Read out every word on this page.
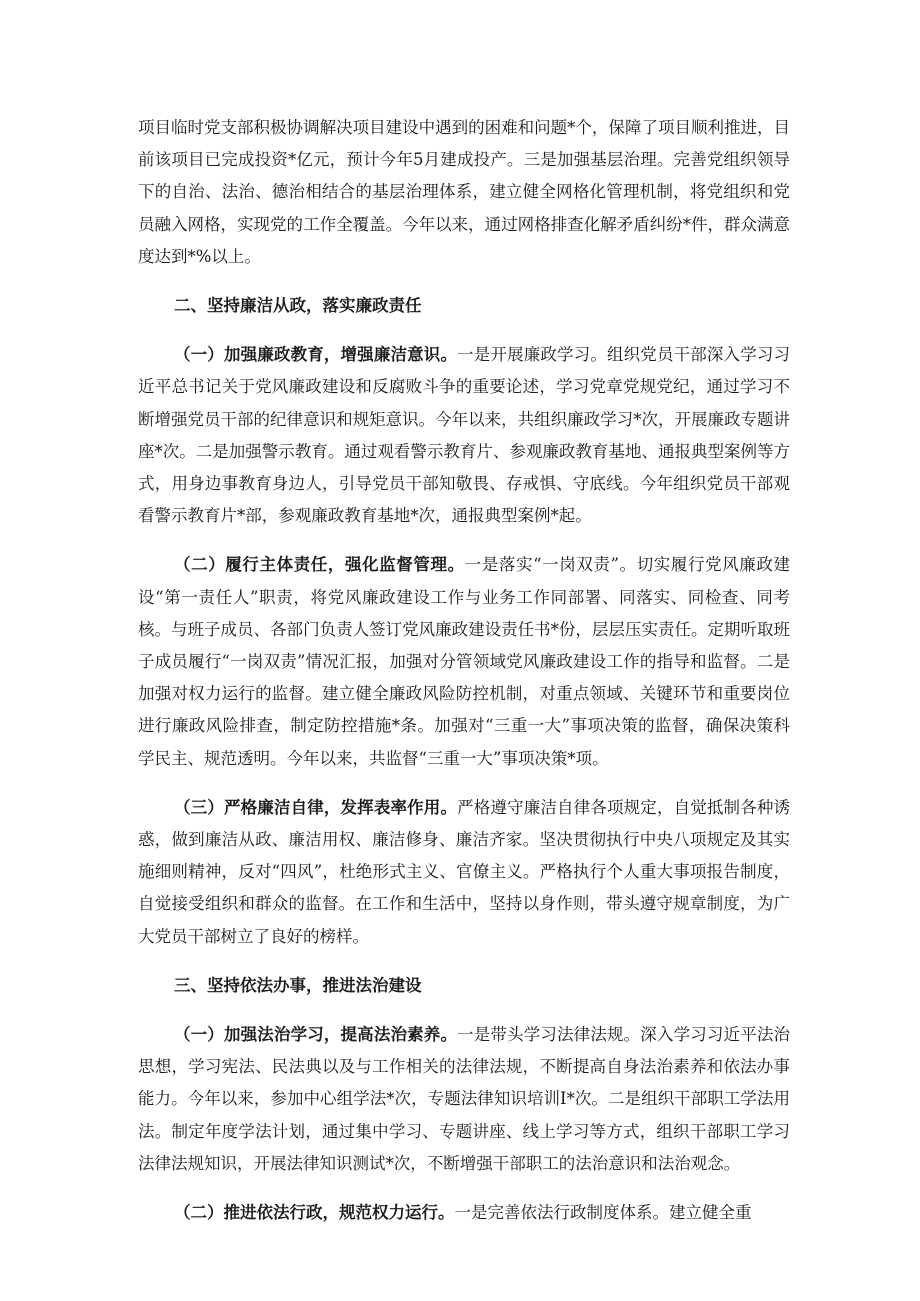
项目临时党支部积极协调解决项目建设中遇到的困难和问题*个，保障了项目顺利推进，目前该项目已完成投资*亿元，预计今年5月建成投产。三是加强基层治理。完善党组织领导下的自治、法治、德治相结合的基层治理体系，建立健全网格化管理机制，将党组织和党员融入网格，实现党的工作全覆盖。今年以来，通过网格排查化解矛盾纠纷*件，群众满意度达到*%以上。

二、坚持廉洁从政，落实廉政责任

（一）加强廉政教育，增强廉洁意识。一是开展廉政学习。组织党员干部深入学习习近平总书记关于党风廉政建设和反腐败斗争的重要论述，学习党章党规党纪，通过学习不断增强党员干部的纪律意识和规矩意识。今年以来，共组织廉政学习*次，开展廉政专题讲座*次。二是加强警示教育。通过观看警示教育片、参观廉政教育基地、通报典型案例等方式，用身边事教育身边人，引导党员干部知敬畏、存戒惧、守底线。今年组织党员干部观看警示教育片*部，参观廉政教育基地*次，通报典型案例*起。

（二）履行主体责任，强化监督管理。一是落实“一岗双责”。切实履行党风廉政建设“第一责任人”职责，将党风廉政建设工作与业务工作同部署、同落实、同检查、同考核。与班子成员、各部门负责人签订党风廉政建设责任书*份，层层压实责任。定期听取班子成员履行“一岗双责”情况汇报，加强对分管领域党风廉政建设工作的指导和监督。二是加强对权力运行的监督。建立健全廉政风险防控机制，对重点领域、关键环节和重要岗位进行廉政风险排查，制定防控措施*条。加强对“三重一大”事项决策的监督，确保决策科学民主、规范透明。今年以来，共监督“三重一大”事项决策*项。

（三）严格廉洁自律，发挥表率作用。严格遵守廉洁自律各项规定，自觉抵制各种诱惑，做到廉洁从政、廉洁用权、廉洁修身、廉洁齐家。坚决贯彻执行中央八项规定及其实施细则精神，反对“四风”，杜绝形式主义、官僚主义。严格执行个人重大事项报告制度，自觉接受组织和群众的监督。在工作和生活中，坚持以身作则，带头遵守规章制度，为广大党员干部树立了良好的榜样。

三、坚持依法办事，推进法治建设

（一）加强法治学习，提高法治素养。一是带头学习法律法规。深入学习习近平法治思想，学习宪法、民法典以及与工作相关的法律法规，不断提高自身法治素养和依法办事能力。今年以来，参加中心组学法*次，专题法律知识培训I*次。二是组织干部职工学法用法。制定年度学法计划，通过集中学习、专题讲座、线上学习等方式，组织干部职工学习法律法规知识，开展法律知识测试*次，不断增强干部职工的法治意识和法治观念。

（二）推进依法行政，规范权力运行。一是完善依法行政制度体系。建立健全重
